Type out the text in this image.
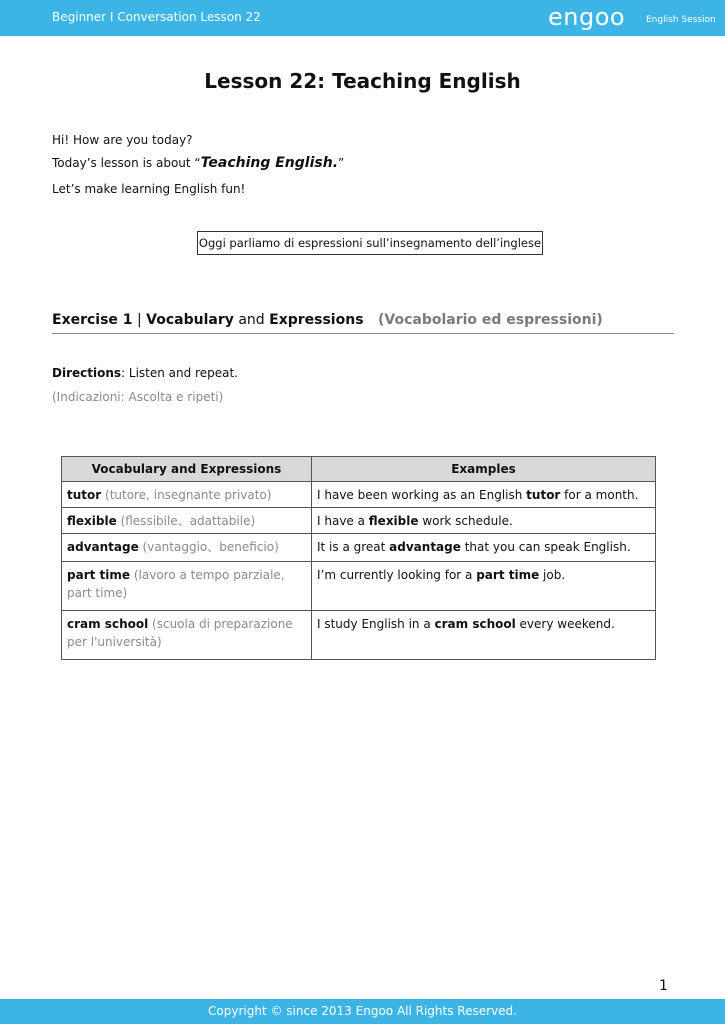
Beginner I Conversation Lesson 22	engoo English Session
Lesson 22: Teaching English
Hi! How are you today?
Today’s lesson is about “Teaching English.”
Let’s make learning English fun!
Oggi parliamo di espressioni sull’insegnamento dell’inglese
Exercise 1 | Vocabulary and Expressions (Vocabolario ed espressioni)
Directions: Listen and repeat.
(Indicazioni: Ascolta e ripeti)
Vocabulary and Expressions	Examples
tutor (tutore, insegnante privato)	I have been working as an English tutor for a month.
flexible (flessibile、adattabile)	I have a flexible work schedule.
advantage (vantaggio、beneficio)	It is a great advantage that you can speak English.
part time (lavoro a tempo parziale, part time)	I’m currently looking for a part time job.
cram school (scuola di preparazione per l'università)	I study English in a cram school every weekend.
1
Copyright © since 2013 Engoo All Rights Reserved.
